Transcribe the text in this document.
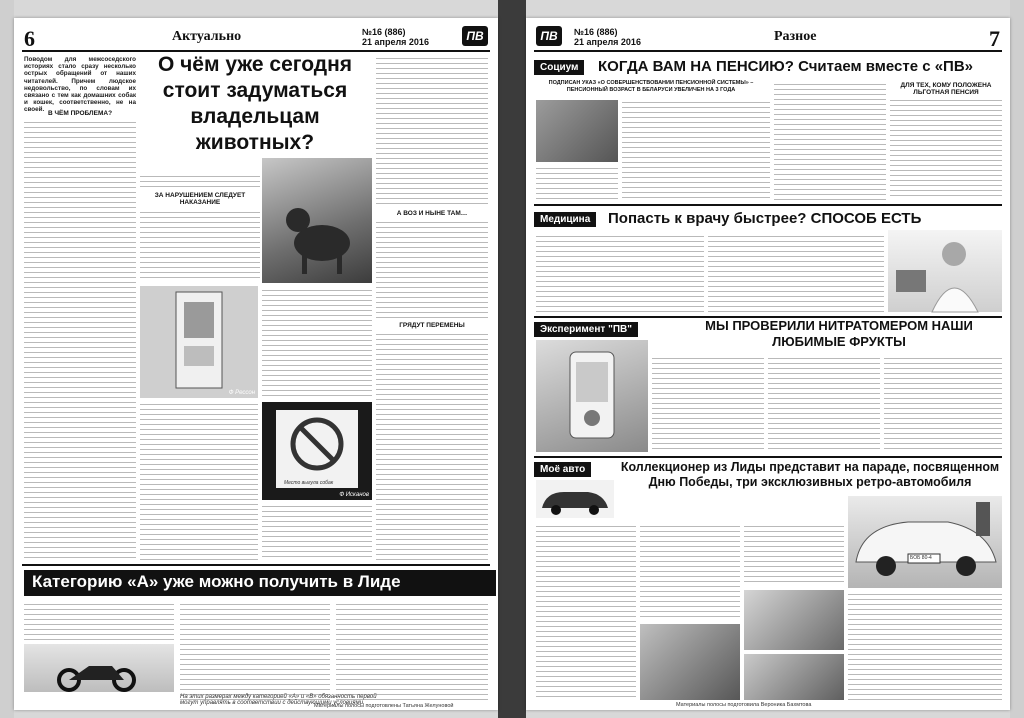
6	Актуально	№16 (886)
21 апреля 2016	ПВ
Поводом для межсоседского историях стало сразу несколько острых обращений от наших читателей. Причем людское недовольство, по словам их связано с тем как домашних собак и кошек, соответственно, не на своей.
В ЧЁМ ПРОБЛЕМА?
О чём уже сегодня стоит задуматься владельцам животных?
ЗА НАРУШЕНИЕМ СЛЕДУЕТ НАКАЗАНИЕ
А ВОЗ И НЫНЕ ТАМ…
ГРЯДУТ ПЕРЕМЕНЫ
Ф Рессон
Место выгула собак
Ф Исканов
Категорию «А» уже можно получить в Лиде
На этих размерах между категорией «А» и «В» обязанность первой могут управлять в соответствии с действующими условиями.
Материалы полосы подготовлены Татьяна Желуновой
ПВ	№16 (886)
21 апреля 2016	Разное	7
Социум	КОГДА ВАМ НА ПЕНСИЮ? Считаем вместе с «ПВ»
ПОДПИСАН УКАЗ «О СОВЕРШЕНСТВОВАНИИ ПЕНСИОННОЙ СИСТЕМЫ» – ПЕНСИОННЫЙ ВОЗРАСТ В БЕЛАРУСИ УВЕЛИЧЕН НА 3 ГОДА
ДЛЯ ТЕХ, КОМУ ПОЛОЖЕНА ЛЬГОТНАЯ ПЕНСИЯ
Медицина	Попасть к врачу быстрее? СПОСОБ ЕСТЬ
Эксперимент "ПВ"	МЫ ПРОВЕРИЛИ НИТРАТОМЕРОМ НАШИ ЛЮБИМЫЕ ФРУКТЫ
Моё авто	Коллекционер из Лиды представит на параде, посвященном Дню Победы, три эксклюзивных ретро-автомобиля
БОБ 80-4
Материалы полосы подготовила Вероника Бахмтова
